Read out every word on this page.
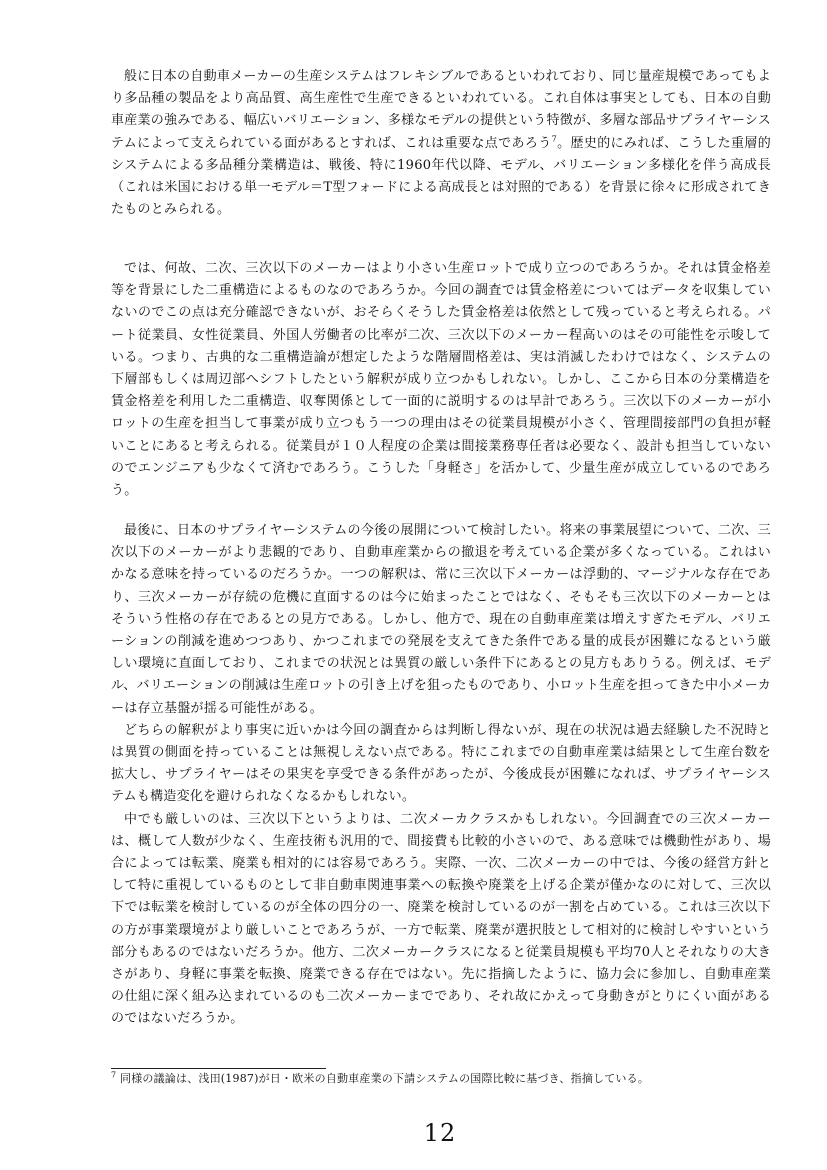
般に日本の自動車メーカーの生産システムはフレキシブルであるといわれており、同じ量産規模であってもより多品種の製品をより高品質、高生産性で生産できるといわれている。これ自体は事実としても、日本の自動車産業の強みである、幅広いバリエーション、多様なモデルの提供という特徴が、多層な部品サプライヤーシステムによって支えられている面があるとすれば、これは重要な点であろう$^7$。歴史的にみれば、こうした重層的システムによる多品種分業構造は、戦後、特に1960年代以降、モデル、バリエーション多様化を伴う高成長（これは米国における単一モデル＝T型フォードによる高成長とは対照的である）を背景に徐々に形成されてきたものとみられる。

では、何故、二次、三次以下のメーカーはより小さい生産ロットで成り立つのであろうか。それは賃金格差等を背景にした二重構造によるものなのであろうか。今回の調査では賃金格差についてはデータを収集していないのでこの点は充分確認できないが、おそらくそうした賃金格差は依然として残っていると考えられる。パート従業員、女性従業員、外国人労働者の比率が二次、三次以下のメーカー程高いのはその可能性を示唆している。つまり、古典的な二重構造論が想定したような階層間格差は、実は消滅したわけではなく、システムの下層部もしくは周辺部へシフトしたという解釈が成り立つかもしれない。しかし、ここから日本の分業構造を賃金格差を利用した二重構造、収奪関係として一面的に説明するのは早計であろう。三次以下のメーカーが小ロットの生産を担当して事業が成り立つもう一つの理由はその従業員規模が小さく、管理間接部門の負担が軽いことにあると考えられる。従業員が１０人程度の企業は間接業務専任者は必要なく、設計も担当していないのでエンジニアも少なくて済むであろう。こうした「身軽さ」を活かして、少量生産が成立しているのであろう。

最後に、日本のサプライヤーシステムの今後の展開について検討したい。将来の事業展望について、二次、三次以下のメーカーがより悲観的であり、自動車産業からの撤退を考えている企業が多くなっている。これはいかなる意味を持っているのだろうか。一つの解釈は、常に三次以下メーカーは浮動的、マージナルな存在であり、三次メーカーが存続の危機に直面するのは今に始まったことではなく、そもそも三次以下のメーカーとはそういう性格の存在であるとの見方である。しかし、他方で、現在の自動車産業は増えすぎたモデル、バリエーションの削減を進めつつあり、かつこれまでの発展を支えてきた条件である量的成長が困難になるという厳しい環境に直面しており、これまでの状況とは異質の厳しい条件下にあるとの見方もありうる。例えば、モデル、バリエーションの削減は生産ロットの引き上げを狙ったものであり、小ロット生産を担ってきた中小メーカーは存立基盤が揺る可能性がある。

どちらの解釈がより事実に近いかは今回の調査からは判断し得ないが、現在の状況は過去経験した不況時とは異質の側面を持っていることは無視しえない点である。特にこれまでの自動車産業は結果として生産台数を拡大し、サプライヤーはその果実を享受できる条件があったが、今後成長が困難になれば、サプライヤーシステムも構造変化を避けられなくなるかもしれない。

中でも厳しいのは、三次以下というよりは、二次メーカクラスかもしれない。今回調査での三次メーカーは、概して人数が少なく、生産技術も汎用的で、間接費も比較的小さいので、ある意味では機動性があり、場合によっては転業、廃業も相対的には容易であろう。実際、一次、二次メーカーの中では、今後の経営方針として特に重視しているものとして非自動車関連事業への転換や廃業を上げる企業が僅かなのに対して、三次以下では転業を検討しているのが全体の四分の一、廃業を検討しているのが一割を占めている。これは三次以下の方が事業環境がより厳しいことであろうが、一方で転業、廃業が選択肢として相対的に検討しやすいという部分もあるのではないだろうか。他方、二次メーカークラスになると従業員規模も平均70人とそれなりの大きさがあり、身軽に事業を転換、廃業できる存在ではない。先に指摘したように、協力会に参加し、自動車産業の仕組に深く組み込まれているのも二次メーカーまでであり、それ故にかえって身動きがとりにくい面があるのではないだろうか。

$^7$ 同様の議論は、浅田(1987)が日・欧米の自動車産業の下請システムの国際比較に基づき、指摘している。
12
